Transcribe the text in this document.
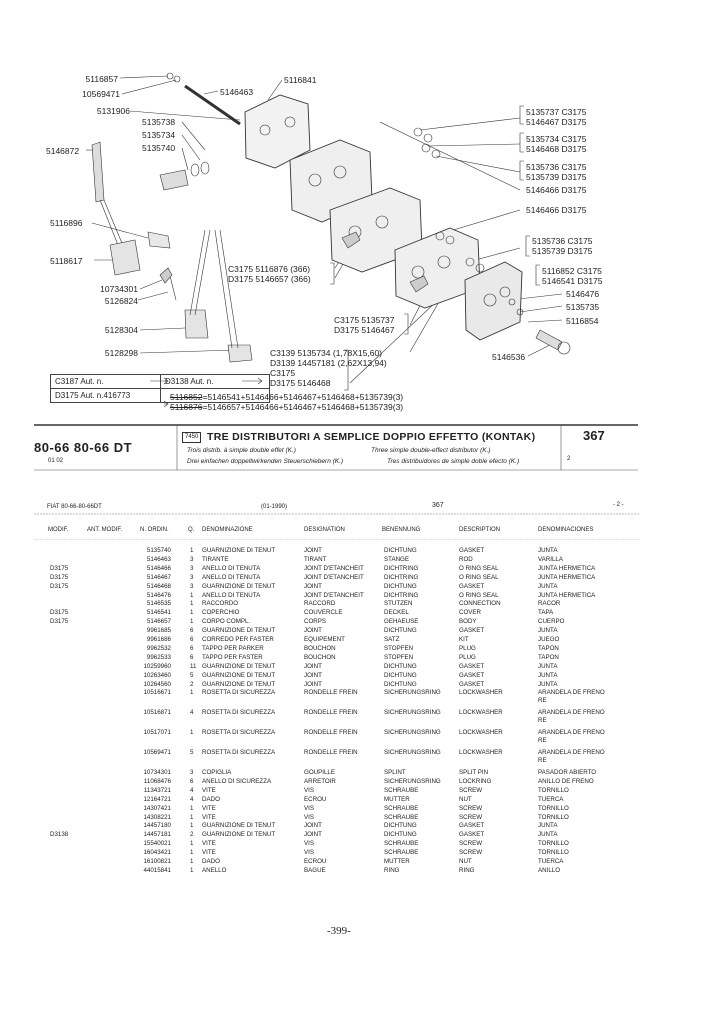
5116857
10569471
5131906
5146872
5116896
5118617
10734301
5126824
5128304
5128298
5116841
5146463
5135738
5135734
5135740
5135737 C3175
5146467 D3175
5135734 C3175
5146468 D3175
5135736 C3175
5135739 D3175
5146466 D3175
5146466 D3175
5135736 C3175
5135739 D3175
5116852 C3175
5146541 D3175
5146476
5135735
5116854
5146536
C3175 5116876 (366)
D3175 5146657 (366)
C3175 5135737
D3175 5146467
C3139 5135734 (1,78X15,60)
D3139 14457181 (2,62X13,94)
C3175
D3175 5146468
C3187 Aut. n.	D3138 Aut. n.
D3175 Aut. n.416773	5116852=5146541+5146466+5146467+5146468+5135739(3)
5116876=5146657+5146466+5146467+5146468+5135739(3)
80-66 80-66 DT
01 02
7450 TRE DISTRIBUTORI A SEMPLICE DOPPIO EFFETTO (KONTAK)
Trois distrib. à simple double effet (K.)	Three simple double-effect distributor (K.)
Drei einfachen doppeltwirkenden Steuerschiebern (K.)	Tres distribuidores de simple doble efecto (K.)
367
2
FIAT 80-66-80-66DT	(01-1990)	367	- 2 -
MODIF.	ANT. MODIF.	N. ORDIN.	Q. DENOMINAZIONE	DESIGNATION	BENENNUNG	DESCRIPTION	DENOMINACIONES
5135740	1 GUARNIZIONE DI TENUT	JOINT	DICHTUNG	GASKET	JUNTA
5146463	3 TIRANTE	TIRANT	STANGE	ROD	VARILLA
D3175	5146466	3 ANELLO DI TENUTA	JOINT D'ETANCHEIT	DICHTRING	O RING SEAL	JUNTA HERMETICA
D3175	5146467	3 ANELLO DI TENUTA	JOINT D'ETANCHEIT	DICHTRING	O RING SEAL	JUNTA HERMETICA
D3175	5146468	3 GUARNIZIONE DI TENUT	JOINT	DICHTUNG	GASKET	JUNTA
5146476	1 ANELLO DI TENUTA	JOINT D'ETANCHEIT	DICHTRING	O RING SEAL	JUNTA HERMETICA
5146535	1 RACCORDO	RACCORD	STUTZEN	CONNECTION	RACOR
D3175	5146541	1 COPERCHIO	COUVERCLE	DECKEL	COVER	TAPA
D3175	5146657	1 CORPO COMPL.	CORPS	GEHAEUSE	BODY	CUERPO
9961685	6 GUARNIZIONE DI TENUT	JOINT	DICHTUNG	GASKET	JUNTA
9961686	6 CORREDO PER FASTER	EQUIPEMENT	SATZ	KIT	JUEGO
9962532	6 TAPPO PER PARKER	BOUCHON	STOPFEN	PLUG	TAPON
9962533	6 TAPPO PER FASTER	BOUCHON	STOPFEN	PLUG	TAPON
10259960	11 GUARNIZIONE DI TENUT	JOINT	DICHTUNG	GASKET	JUNTA
10263460	5 GUARNIZIONE DI TENUT	JOINT	DICHTUNG	GASKET	JUNTA
10264560	2 GUARNIZIONE DI TENUT	JOINT	DICHTUNG	GASKET	JUNTA
10516671	1 ROSETTA DI SICUREZZA	RONDELLE FREIN	SICHERUNGSRING	LOCKWASHER	ARANDELA DE FRENO
RE
10516871	4 ROSETTA DI SICUREZZA	RONDELLE FREIN	SICHERUNGSRING	LOCKWASHER	ARANDELA DE FRENO
RE
10517071	1 ROSETTA DI SICUREZZA	RONDELLE FREIN	SICHERUNGSRING	LOCKWASHER	ARANDELA DE FRENO
RE
10569471	5 ROSETTA DI SICUREZZA	RONDELLE FREIN	SICHERUNGSRING	LOCKWASHER	ARANDELA DE FRENO
RE
10734301	3 COPIGLIA	GOUPILLE	SPLINT	SPLIT PIN	PASADOR ABIERTO
11068476	6 ANELLO DI SICUREZZA	ARRETOIR	SICHERUNGSRING	LOCKRING	ANILLO DE FRENO
11343721	4 VITE	VIS	SCHRAUBE	SCREW	TORNILLO
12164721	4 DADO	ECROU	MUTTER	NUT	TUERCA
14307421	1 VITE	VIS	SCHRAUBE	SCREW	TORNILLO
14308221	1 VITE	VIS	SCHRAUBE	SCREW	TORNILLO
14457180	1 GUARNIZIONE DI TENUT	JOINT	DICHTUNG	GASKET	JUNTA
D3138	14457181	2 GUARNIZIONE DI TENUT	JOINT	DICHTUNG	GASKET	JUNTA
15540021	1 VITE	VIS	SCHRAUBE	SCREW	TORNILLO
16043421	1 VITE	VIS	SCHRAUBE	SCREW	TORNILLO
16100821	1 DADO	ECROU	MUTTER	NUT	TUERCA
44015841	1 ANELLO	BAGUE	RING	RING	ANILLO
-399-
